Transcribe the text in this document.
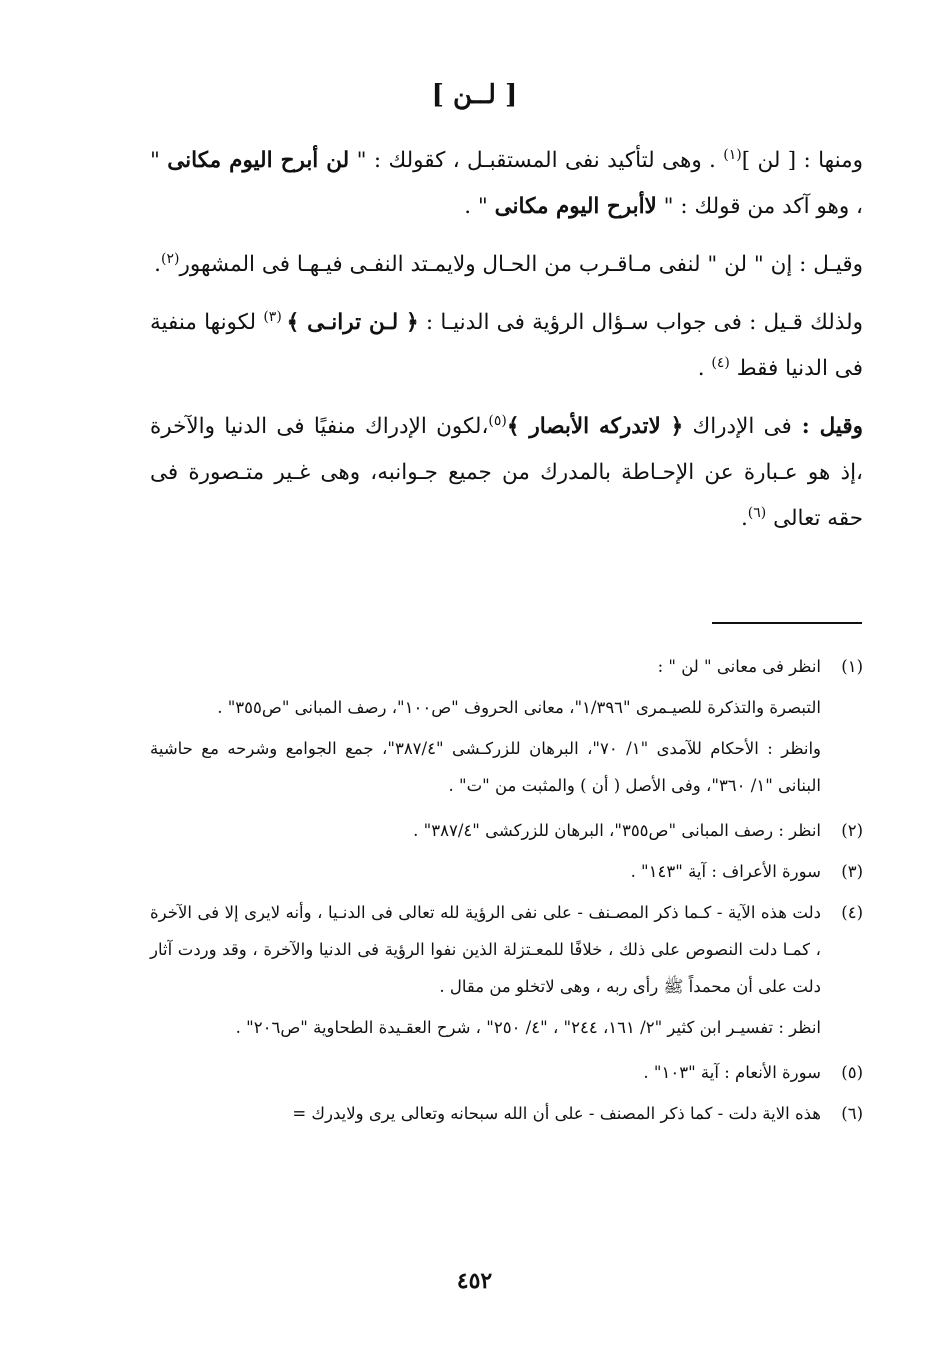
[ لــن ]

ومنها : [ لن ]$^{(١)}$ . وهى لتأكيد نفى المستقبـل ، كقولك : " لن أبرح اليوم مكانى " ، وهو آكد من قولك : " لاأبرح اليوم مكانى " .

وقيـل : إن " لن " لنفى مـاقـرب من الحـال ولايمـتد النفـى فيـهـا فى المشهور$^{(٢)}$.

ولذلك قـيل : فى جواب سـؤال الرؤية فى الدنيـا : ﴿ لـن ترانـى ﴾ $^{(٣)}$ لكونها منفية فى الدنيا فقط $^{(٤)}$ .

وقيل : فى الإدراك ﴿ لاتدركه الأبصار ﴾$^{(٥)}$،لكون الإدراك منفيًا فى الدنيا والآخرة ،إذ هو عـبارة عن الإحـاطة بالمدرك من جميع جـوانبه، وهى غـير متـصورة فى حقه تعالى $^{(٦)}$.

(١)

انظر فى معانى " لن " :

التبصرة والتذكرة للصيـمرى "١/٣٩٦"، معانى الحروف "ص١٠٠"، رصف المبانى "ص٣٥٥" .

وانظر : الأحكام للآمدى "١/ ٧٠"، البرهان للزركـشى "٣٨٧/٤"، جمع الجوامع وشرحه مع حاشية البنانى "١/ ٣٦٠"، وفى الأصل ( أن ) والمثبت من "ت" .

(٢)
انظر : رصف المبانى "ص٣٥٥"، البرهان للزركشى "٣٨٧/٤" .
(٣)
سورة الأعراف : آية "١٤٣" .
(٤)

دلت هذه الآية - كـما ذكر المصـنف - على نفى الرؤية لله تعالى فى الدنـيا ، وأنه لايرى إلا فى الآخرة ، كمـا دلت النصوص على ذلك ، خلافًا للمعـتزلة الذين نفوا الرؤية فى الدنيا والآخرة ، وقد وردت آثار دلت على أن محمداً ﷺ رأى ربه ، وهى لاتخلو من مقال .

انظر : تفسيـر ابن كثير "٢/ ١٦١، ٢٤٤" ، "٤/ ٢٥٠" ، شرح العقـيدة الطحاوية "ص٢٠٦" .

(٥)
سورة الأنعام : آية "١٠٣" .
(٦)
هذه الاية دلت - كما ذكر المصنف - على أن الله سبحانه وتعالى يرى ولايدرك =
٤٥٢
